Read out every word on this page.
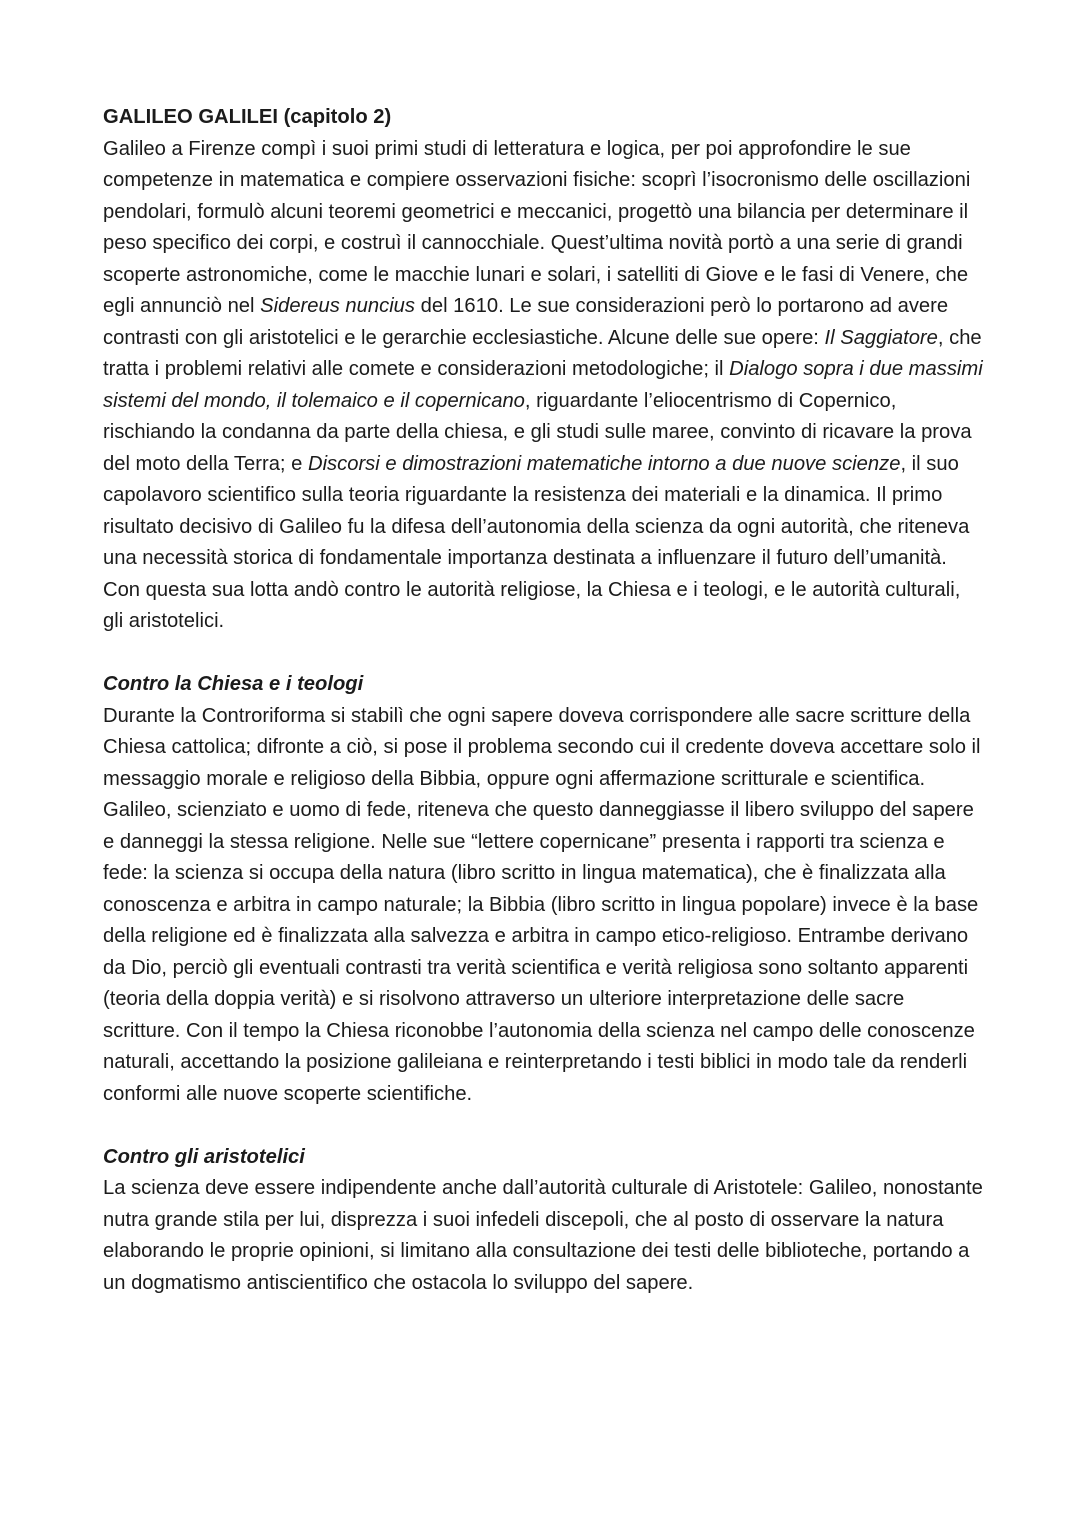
GALILEO GALILEI (capitolo 2)

Galileo a Firenze compì i suoi primi studi di letteratura e logica, per poi approfondire le sue competenze in matematica e compiere osservazioni fisiche: scoprì l’isocronismo delle oscillazioni pendolari, formulò alcuni teoremi geometrici e meccanici, progettò una bilancia per determinare il peso specifico dei corpi, e costruì il cannocchiale. Quest’ultima novità portò a una serie di grandi scoperte astronomiche, come le macchie lunari e solari, i satelliti di Giove e le fasi di Venere, che egli annunciò nel Sidereus nuncius del 1610. Le sue considerazioni però lo portarono ad avere contrasti con gli aristotelici e le gerarchie ecclesiastiche. Alcune delle sue opere: Il Saggiatore, che tratta i problemi relativi alle comete e considerazioni metodologiche; il Dialogo sopra i due massimi sistemi del mondo, il tolemaico e il copernicano, riguardante l’eliocentrismo di Copernico, rischiando la condanna da parte della chiesa, e gli studi sulle maree, convinto di ricavare la prova del moto della Terra; e Discorsi e dimostrazioni matematiche intorno a due nuove scienze, il suo capolavoro scientifico sulla teoria riguardante la resistenza dei materiali e la dinamica. Il primo risultato decisivo di Galileo fu la difesa dell’autonomia della scienza da ogni autorità, che riteneva una necessità storica di fondamentale importanza destinata a influenzare il futuro dell’umanità. Con questa sua lotta andò contro le autorità religiose, la Chiesa e i teologi, e le autorità culturali, gli aristotelici.

Contro la Chiesa e i teologi

Durante la Controriforma si stabilì che ogni sapere doveva corrispondere alle sacre scritture della Chiesa cattolica; difronte a ciò, si pose il problema secondo cui il credente doveva accettare solo il messaggio morale e religioso della Bibbia, oppure ogni affermazione scritturale e scientifica. Galileo, scienziato e uomo di fede, riteneva che questo danneggiasse il libero sviluppo del sapere e danneggi la stessa religione. Nelle sue “lettere copernicane” presenta i rapporti tra scienza e fede: la scienza si occupa della natura (libro scritto in lingua matematica), che è finalizzata alla conoscenza e arbitra in campo naturale; la Bibbia (libro scritto in lingua popolare) invece è la base della religione ed è finalizzata alla salvezza e arbitra in campo etico-religioso. Entrambe derivano da Dio, perciò gli eventuali contrasti tra verità scientifica e verità religiosa sono soltanto apparenti (teoria della doppia verità) e si risolvono attraverso un ulteriore interpretazione delle sacre scritture. Con il tempo la Chiesa riconobbe l’autonomia della scienza nel campo delle conoscenze naturali, accettando la posizione galileiana e reinterpretando i testi biblici in modo tale da renderli conformi alle nuove scoperte scientifiche.

Contro gli aristotelici

La scienza deve essere indipendente anche dall’autorità culturale di Aristotele: Galileo, nonostante nutra grande stila per lui, disprezza i suoi infedeli discepoli, che al posto di osservare la natura elaborando le proprie opinioni, si limitano alla consultazione dei testi delle biblioteche, portando a un dogmatismo antiscientifico che ostacola lo sviluppo del sapere.
